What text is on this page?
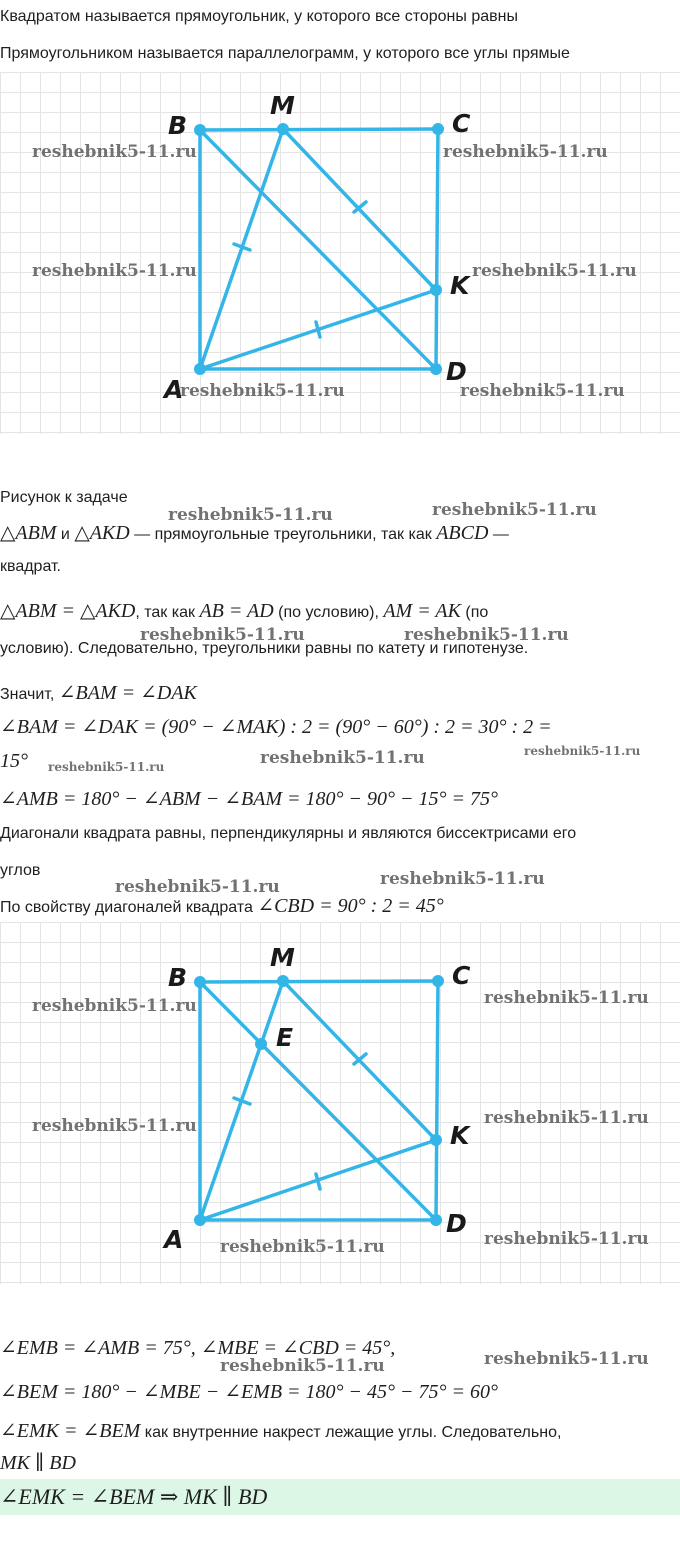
Квадратом называется прямоугольник, у которого все стороны равны
Прямоугольником называется параллелограмм, у которого все углы прямые
B
M
C
K
A
D
reshebnik5-11.ru	reshebnik5-11.ru
reshebnik5-11.ru	reshebnik5-11.ru
reshebnik5-11.ru	reshebnik5-11.ru
Рисунок к задаче
reshebnik5-11.ru	reshebnik5-11.ru
△ABM и △AKD — прямоугольные треугольники, так как ABCD —
квадрат.
△ABM = △AKD, так как AB = AD (по условию), AM = AK (по
reshebnik5-11.ru	reshebnik5-11.ru
условию). Следовательно, треугольники равны по катету и гипотенузе.
Значит, ∠BAM = ∠DAK
∠BAM = ∠DAK = (90° − ∠MAK) : 2 = (90° − 60°) : 2 = 30° : 2 =
15° reshebnik5-11.ru	reshebnik5-11.ru	reshebnik5-11.ru
∠AMB = 180° − ∠ABM − ∠BAM = 180° − 90° − 15° = 75°
Диагонали квадрата равны, перпендикулярны и являются биссектрисами его
углов
reshebnik5-11.ru	reshebnik5-11.ru
По свойству диагоналей квадрата ∠CBD = 90° : 2 = 45°
B
M
C
E
K
A
D
reshebnik5-11.ru	reshebnik5-11.ru
reshebnik5-11.ru	reshebnik5-11.ru
reshebnik5-11.ru	reshebnik5-11.ru
∠EMB = ∠AMB = 75°, ∠MBE = ∠CBD = 45°,
reshebnik5-11.ru	reshebnik5-11.ru
∠BEM = 180° − ∠MBE − ∠EMB = 180° − 45° − 75° = 60°
∠EMK = ∠BEM как внутренние накрест лежащие углы. Следовательно,
MK ∥ BD
∠EMK = ∠BEM ⇒ MK ∥ BD
